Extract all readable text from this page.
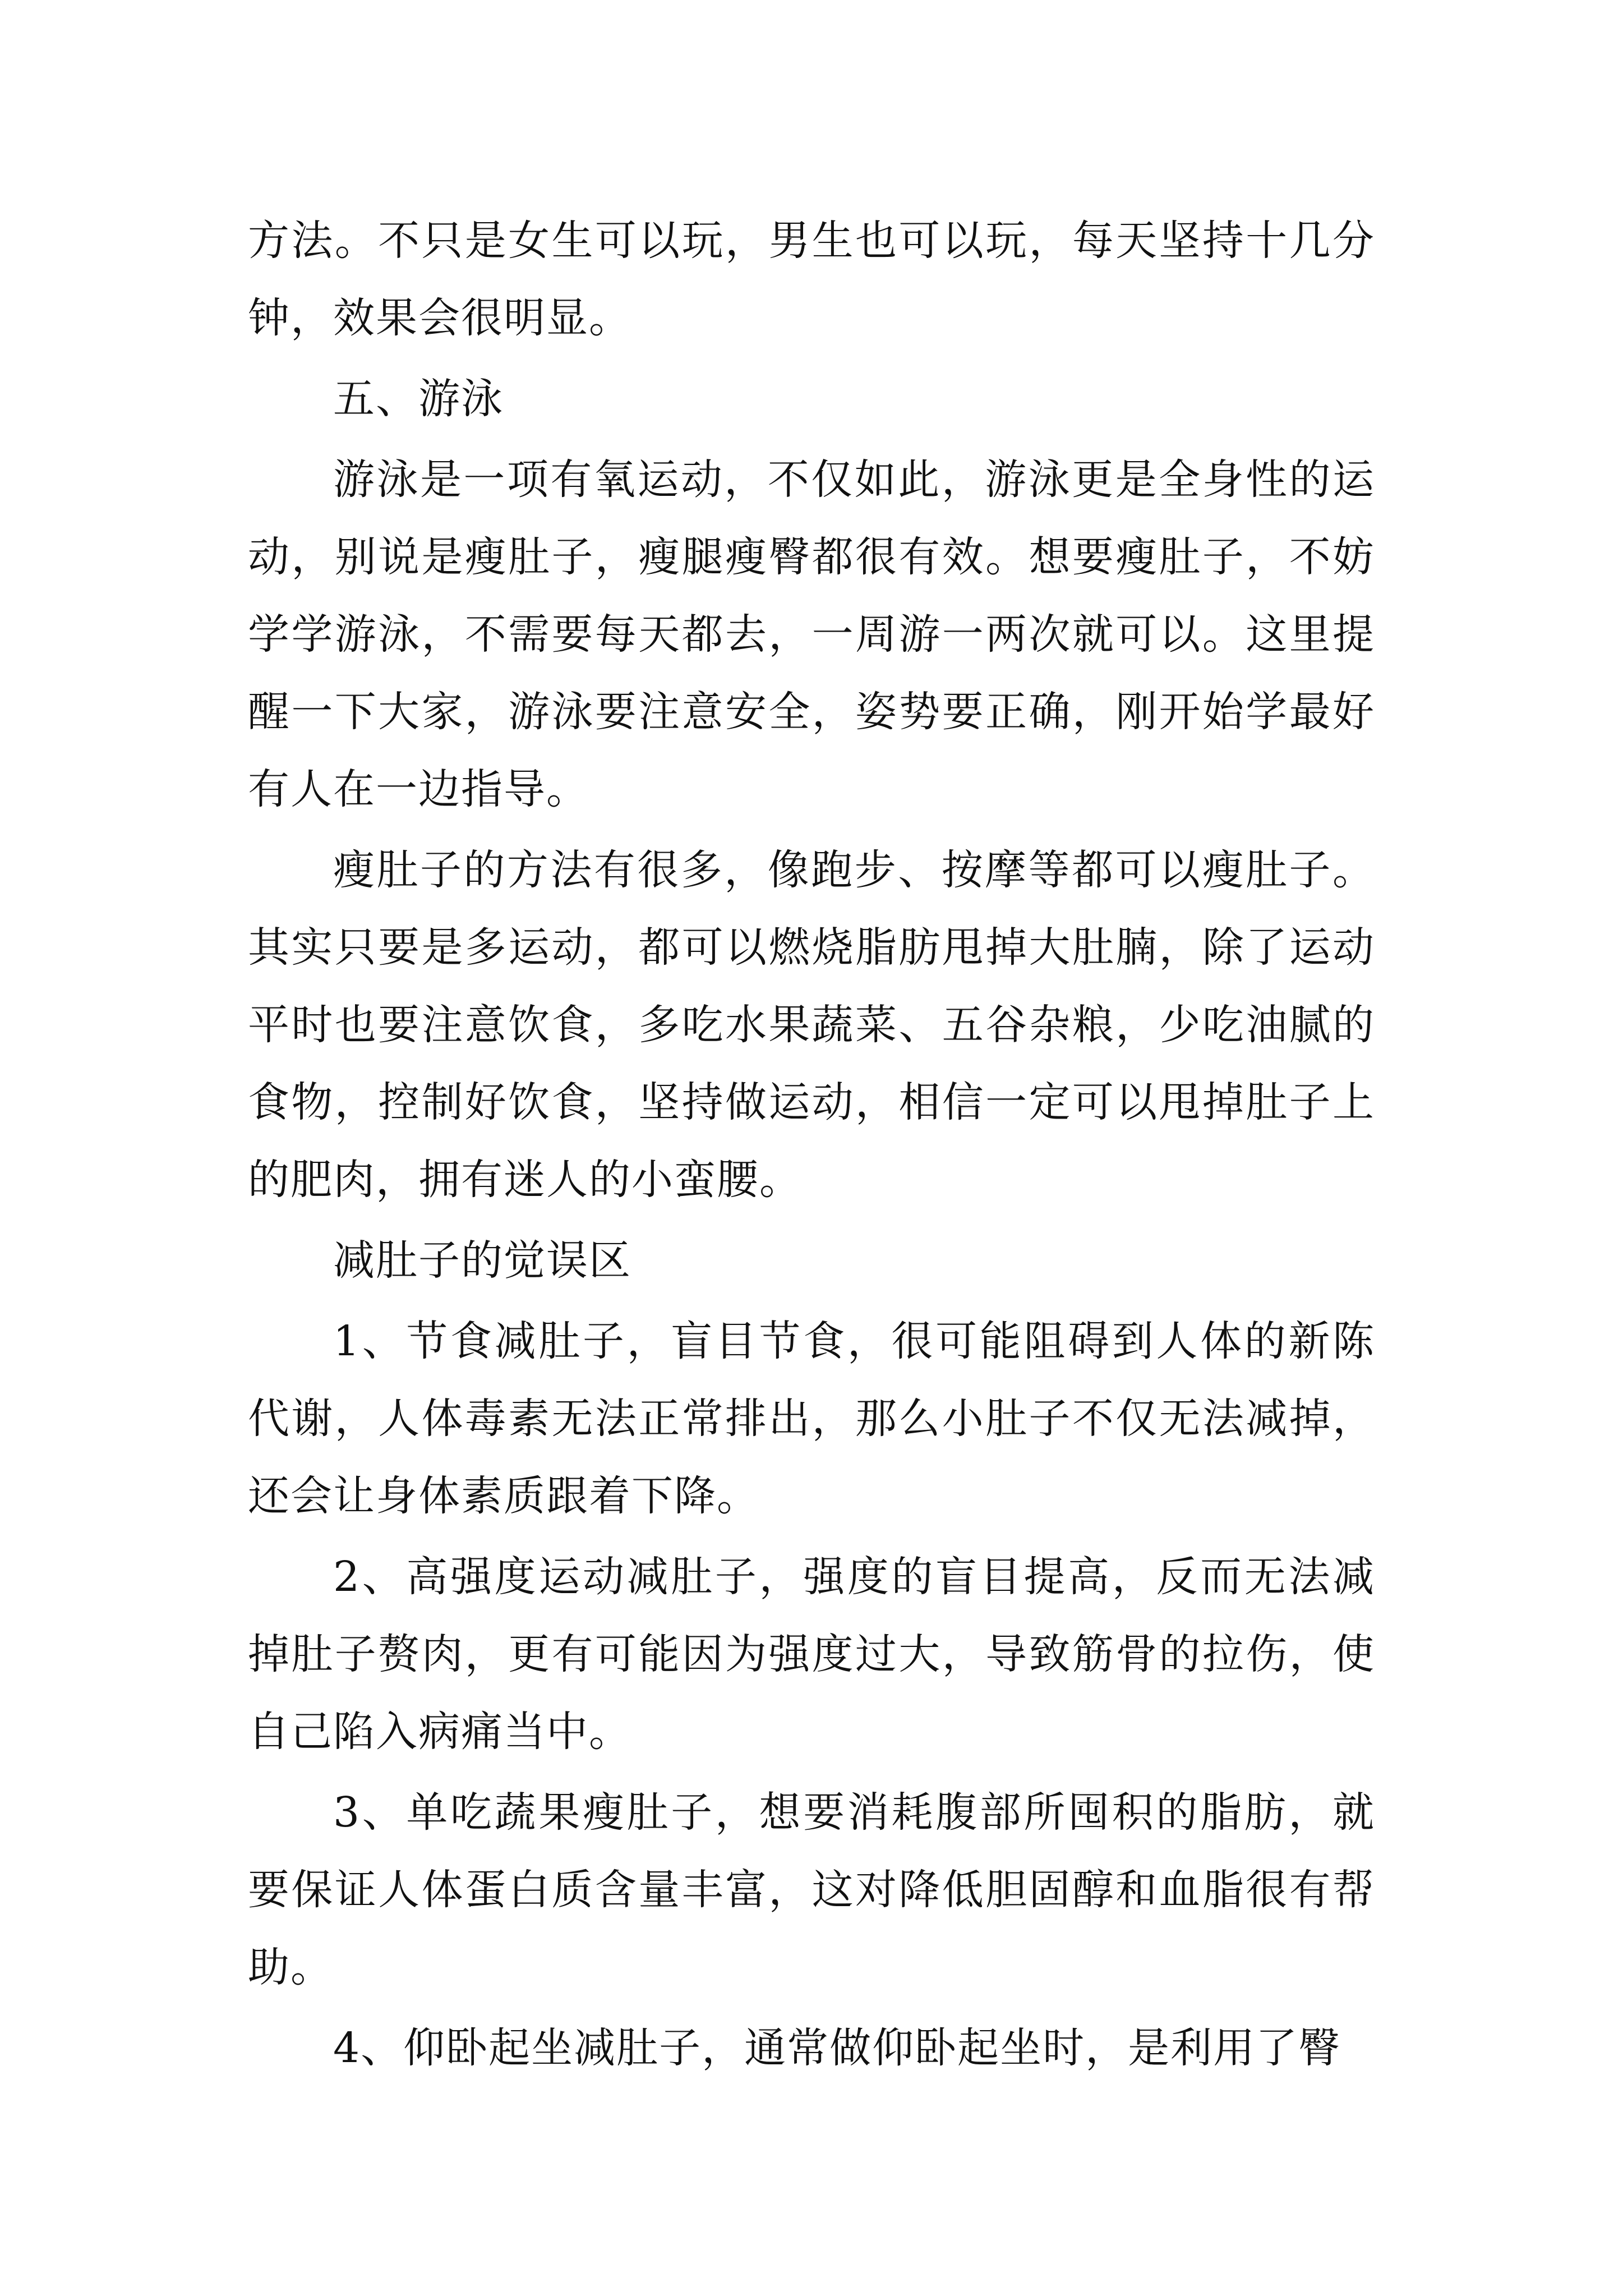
方法。不只是女生可以玩，男生也可以玩，每天坚持十几分钟，效果会很明显。

五、游泳

游泳是一项有氧运动，不仅如此，游泳更是全身性的运动，别说是瘦肚子，瘦腿瘦臀都很有效。想要瘦肚子，不妨学学游泳，不需要每天都去，一周游一两次就可以。这里提醒一下大家，游泳要注意安全，姿势要正确，刚开始学最好有人在一边指导。

瘦肚子的方法有很多，像跑步、按摩等都可以瘦肚子。其实只要是多运动，都可以燃烧脂肪甩掉大肚腩，除了运动平时也要注意饮食，多吃水果蔬菜、五谷杂粮，少吃油腻的食物，控制好饮食，坚持做运动，相信一定可以甩掉肚子上的肥肉，拥有迷人的小蛮腰。

减肚子的觉误区

1、节食减肚子，盲目节食，很可能阻碍到人体的新陈代谢，人体毒素无法正常排出，那么小肚子不仅无法减掉，还会让身体素质跟着下降。

2、高强度运动减肚子，强度的盲目提高，反而无法减掉肚子赘肉，更有可能因为强度过大，导致筋骨的拉伤，使自己陷入病痛当中。

3、单吃蔬果瘦肚子，想要消耗腹部所囤积的脂肪，就要保证人体蛋白质含量丰富，这对降低胆固醇和血脂很有帮助。

4、仰卧起坐减肚子，通常做仰卧起坐时，是利用了臀
